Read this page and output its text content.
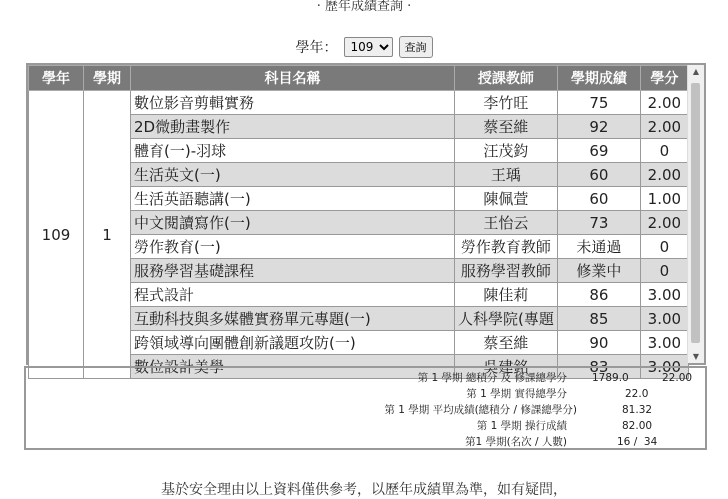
· 歷年成績查詢 ·
學年：
109	查詢
學年	學期	科目名稱	授課教師	學期成績	學分
109	1	數位影音剪輯實務	李竹旺	75	2.00
		2D微動畫製作	蔡至維	92	2.00
		體育(一)-羽球	汪茂鈞	69	0
		生活英文(一)	王瑀	60	2.00
		生活英語聽講(一)	陳佩萱	60	1.00
		中文閱讀寫作(一)	王怡云	73	2.00
		勞作教育(一)	勞作教育教師	未通過	0
		服務學習基礎課程	服務學習教師	修業中	0
		程式設計	陳佳莉	86	3.00
		互動科技與多媒體實務單元專題(一)	人科學院(專題	85	3.00
		跨領域導向團體創新議題攻防(一)	蔡至維	90	3.00
		數位設計美學	吳建銘	83	3.00
▲
▼
第 1 學期 總積分 及 修課總學分 1789.0	22.00
第 1 學期 實得總學分	22.0
第 1 學期 平均成績(總積分 / 修課總學分)	81.32
第 1 學期 操行成績	82.00
第1 學期(名次 / 人數)	16 /  34
基於安全理由以上資料僅供參考，以歷年成績單為準，如有疑問，
